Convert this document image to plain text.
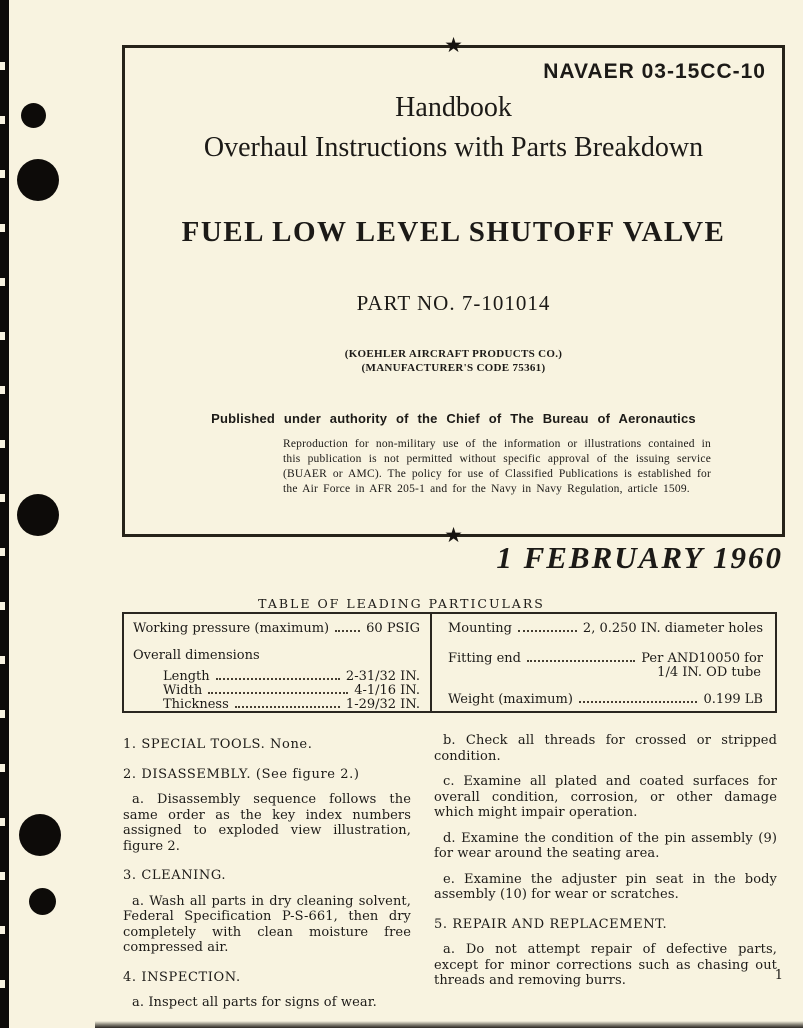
★
★
NAVAER 03-15CC-10
Handbook
Overhaul Instructions with Parts Breakdown
FUEL LOW LEVEL SHUTOFF VALVE
PART NO. 7-101014
(KOEHLER AIRCRAFT PRODUCTS CO.)
(MANUFACTURER'S CODE 75361)
Published under authority of the Chief of The Bureau of Aeronautics
Reproduction for non-military use of the information or illustrations contained in this publication is not permitted without specific approval of the issuing service (BUAER or AMC). The policy for use of Classified Publications is established for the Air Force in AFR 205-1 and for the Navy in Navy Regulation, article 1509.
1 FEBRUARY 1960
TABLE OF LEADING PARTICULARS
Working pressure (maximum)	60 PSIG
Overall dimensions
Length	2-31/32 IN.
Width	4-1/16 IN.
Thickness	1-29/32 IN.
Mounting	2, 0.250 IN. diameter holes
Fitting end	Per AND10050 for
1/4 IN. OD tube
Weight (maximum)	0.199 LB

1. SPECIAL TOOLS. None.

2. DISASSEMBLY. (See figure 2.)

a. Disassembly sequence follows the same order as the key index numbers assigned to exploded view illustration, figure 2.

3. CLEANING.

a. Wash all parts in dry cleaning solvent, Federal Specification P-S-661, then dry completely with clean moisture free compressed air.

4. INSPECTION.

a. Inspect all parts for signs of wear.

b. Check all threads for crossed or stripped condition.

c. Examine all plated and coated surfaces for overall condition, corrosion, or other damage which might impair operation.

d. Examine the condition of the pin assembly (9) for wear around the seating area.

e. Examine the adjuster pin seat in the body assembly (10) for wear or scratches.

5. REPAIR AND REPLACEMENT.

a. Do not attempt repair of defective parts, except for minor corrections such as chasing out threads and removing burrs.	1
